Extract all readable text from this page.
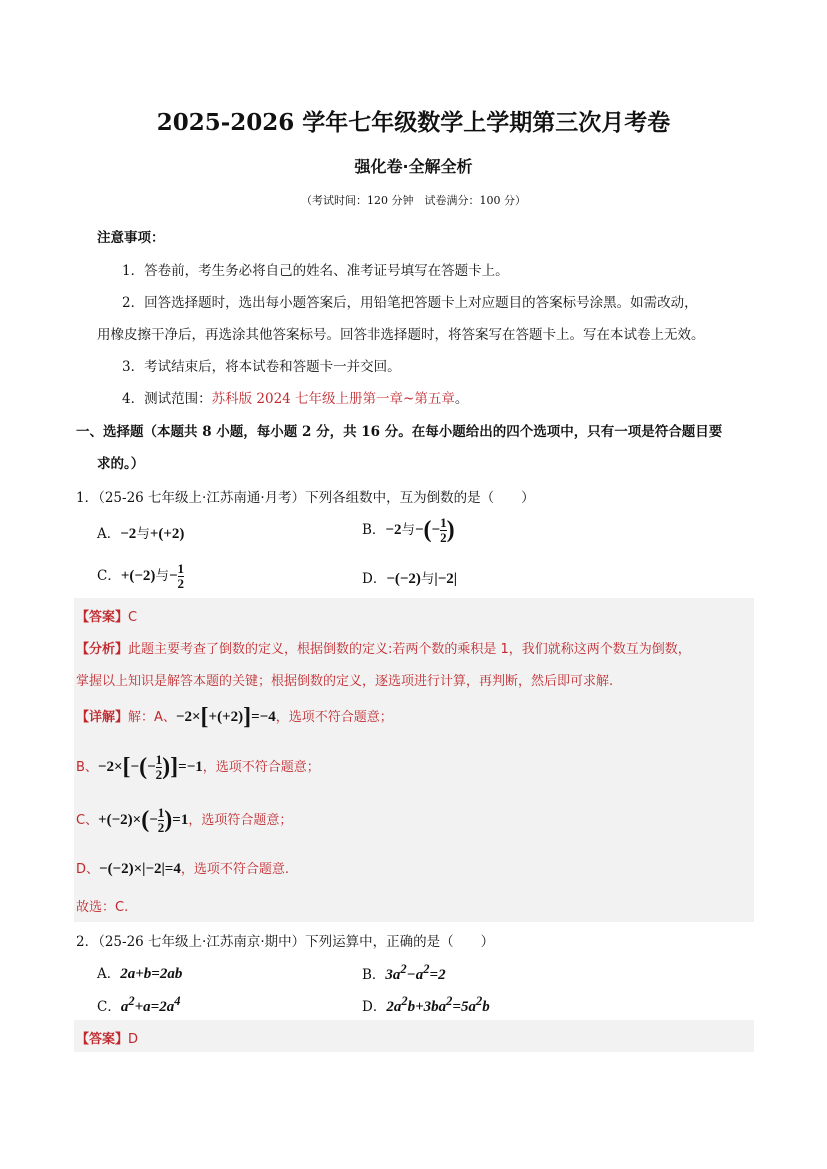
2025-2026 学年七年级数学上学期第三次月考卷
强化卷·全解全析
（考试时间：120 分钟　试卷满分：100 分）
注意事项：
1．答卷前，考生务必将自己的姓名、准考证号填写在答题卡上。
2．回答选择题时，选出每小题答案后，用铅笔把答题卡上对应题目的答案标号涂黑。如需改动，
用橡皮擦干净后，再选涂其他答案标号。回答非选择题时，将答案写在答题卡上。写在本试卷上无效。
3．考试结束后，将本试卷和答题卡一并交回。
4．测试范围：苏科版 2024 七年级上册第一章~第五章。
一、选择题（本题共 8 小题，每小题 2 分，共 16 分。在每小题给出的四个选项中，只有一项是符合题目要
求的。）
1．（25-26 七年级上·江苏南通·月考）下列各组数中，互为倒数的是（　　）
A．−2与+(+2)	B．−2与−(− $\frac{1}{2}$ )
C．+(−2)与− $\frac{1}{2}$	D．−(−2)与|−2|
【答案】C
【分析】此题主要考查了倒数的定义，根据倒数的定义:若两个数的乘积是 1，我们就称这两个数互为倒数，
掌握以上知识是解答本题的关键；根据倒数的定义，逐选项进行计算，再判断，然后即可求解.
【详解】解：A、−2×[+(+2)]=−4，选项不符合题意；
B、$-2\times[-(- \frac{1}{2} )]=-1$，选项不符合题意；
C、$+(-2)\times(- \frac{1}{2} )=1$，选项符合题意；
D、−(−2)×|−2|=4，选项不符合题意.
故选：C.
2．（25-26 七年级上·江苏南京·期中）下列运算中，正确的是（　　）
A．2a+b=2ab	B．$3a^2-a^2=2$
C．$a^2+a=2a^4$	D．$2a^2b+3ba^2=5a^2b$
【答案】D
